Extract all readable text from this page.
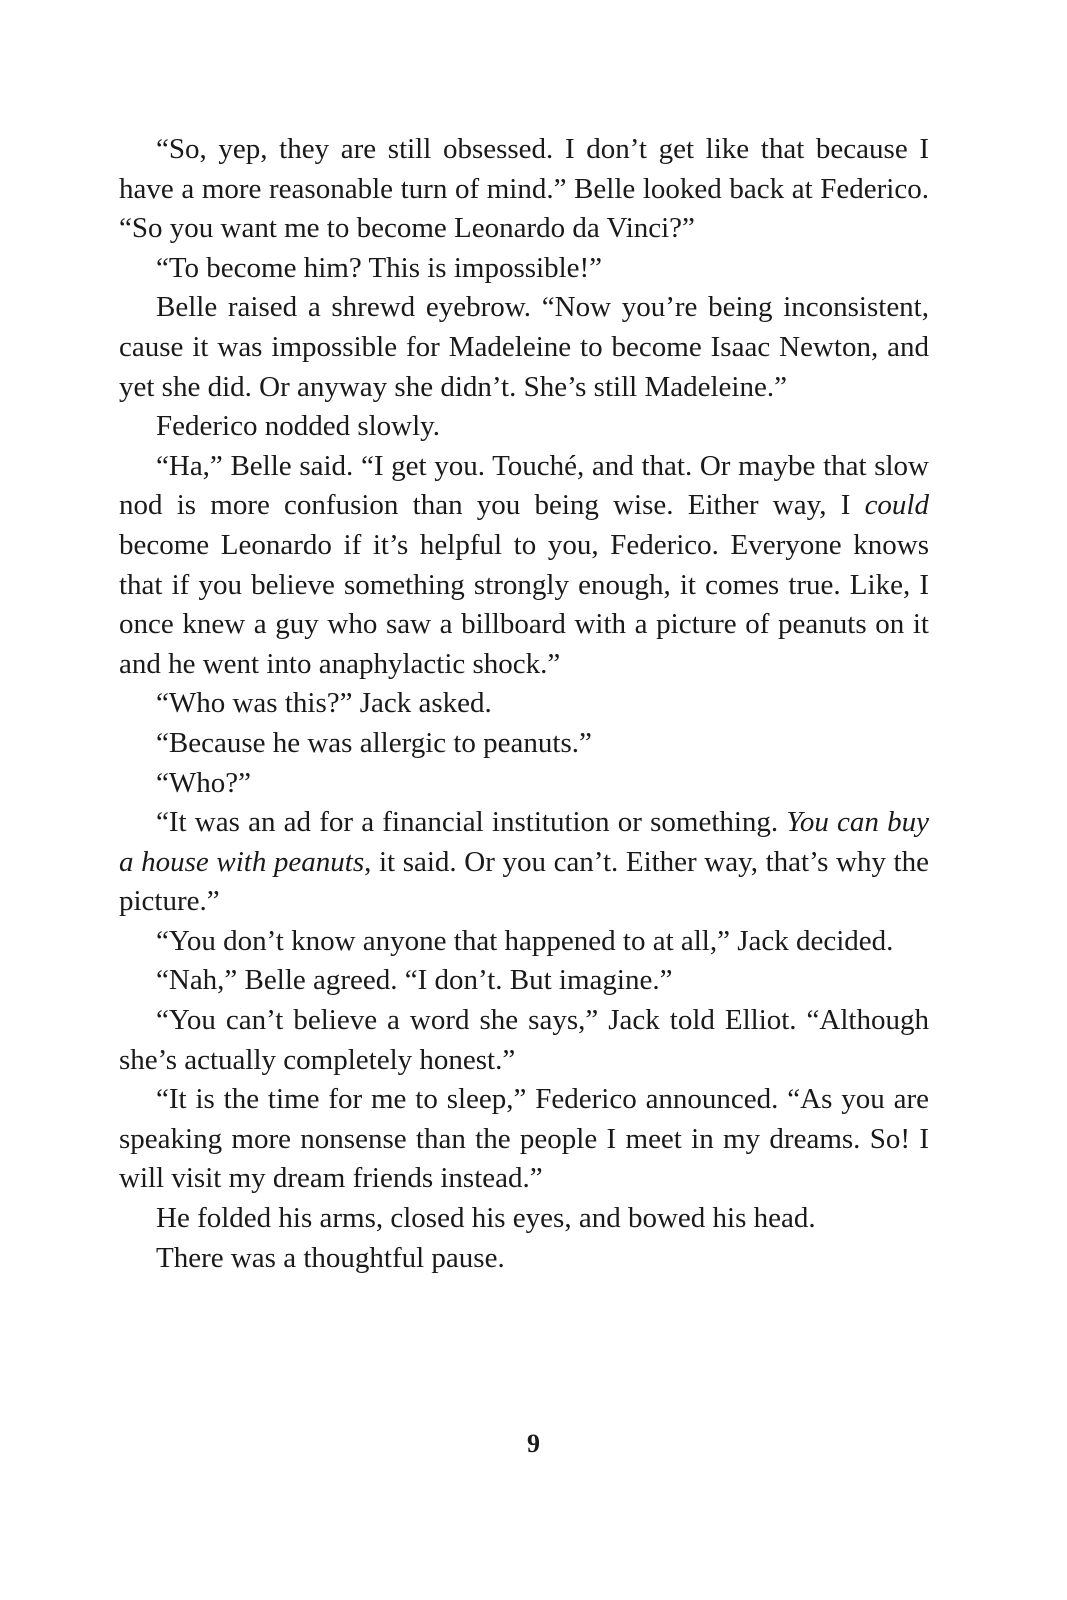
“So, yep, they are still obsessed. I don’t get like that because I have a more reasonable turn of mind.” Belle looked back at Federico. “So you want me to become Leonardo da Vinci?”

“To become him? This is impossible!”

Belle raised a shrewd eyebrow. “Now you’re being inconsistent, cause it was impossible for Madeleine to become Isaac Newton, and yet she did. Or anyway she didn’t. She’s still Madeleine.”

Federico nodded slowly.

“Ha,” Belle said. “I get you. Touché, and that. Or maybe that slow nod is more confusion than you being wise. Either way, I could become Leonardo if it’s helpful to you, Federico. Everyone knows that if you believe something strongly enough, it comes true. Like, I once knew a guy who saw a billboard with a picture of peanuts on it and he went into anaphylactic shock.”

“Who was this?” Jack asked.

“Because he was allergic to peanuts.”

“Who?”

“It was an ad for a financial institution or something. You can buy a house with peanuts, it said. Or you can’t. Either way, that’s why the picture.”

“You don’t know anyone that happened to at all,” Jack decided.

“Nah,” Belle agreed. “I don’t. But imagine.”

“You can’t believe a word she says,” Jack told Elliot. “Although she’s actually completely honest.”

“It is the time for me to sleep,” Federico announced. “As you are speaking more nonsense than the people I meet in my dreams. So! I will visit my dream friends instead.”

He folded his arms, closed his eyes, and bowed his head.

There was a thoughtful pause.

9
